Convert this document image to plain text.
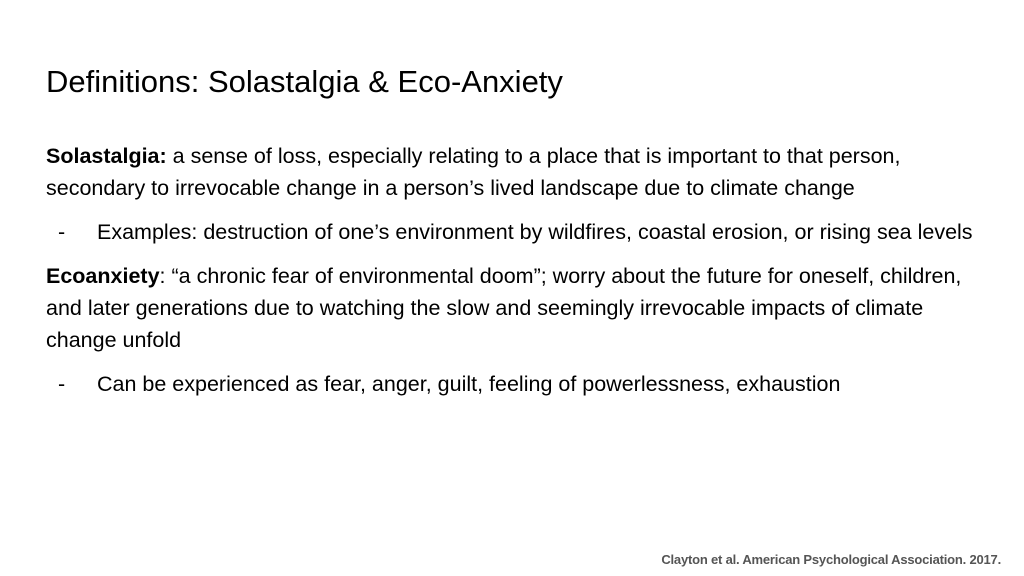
Definitions: Solastalgia & Eco-Anxiety

Solastalgia: a sense of loss, especially relating to a place that is important to that person, secondary to irrevocable change in a person’s lived landscape due to climate change

- Examples: destruction of one’s environment by wildfires, coastal erosion, or rising sea levels

Ecoanxiety: “a chronic fear of environmental doom”; worry about the future for oneself, children, and later generations due to watching the slow and seemingly irrevocable impacts of climate change unfold

- Can be experienced as fear, anger, guilt, feeling of powerlessness, exhaustion
Clayton et al. American Psychological Association. 2017.
